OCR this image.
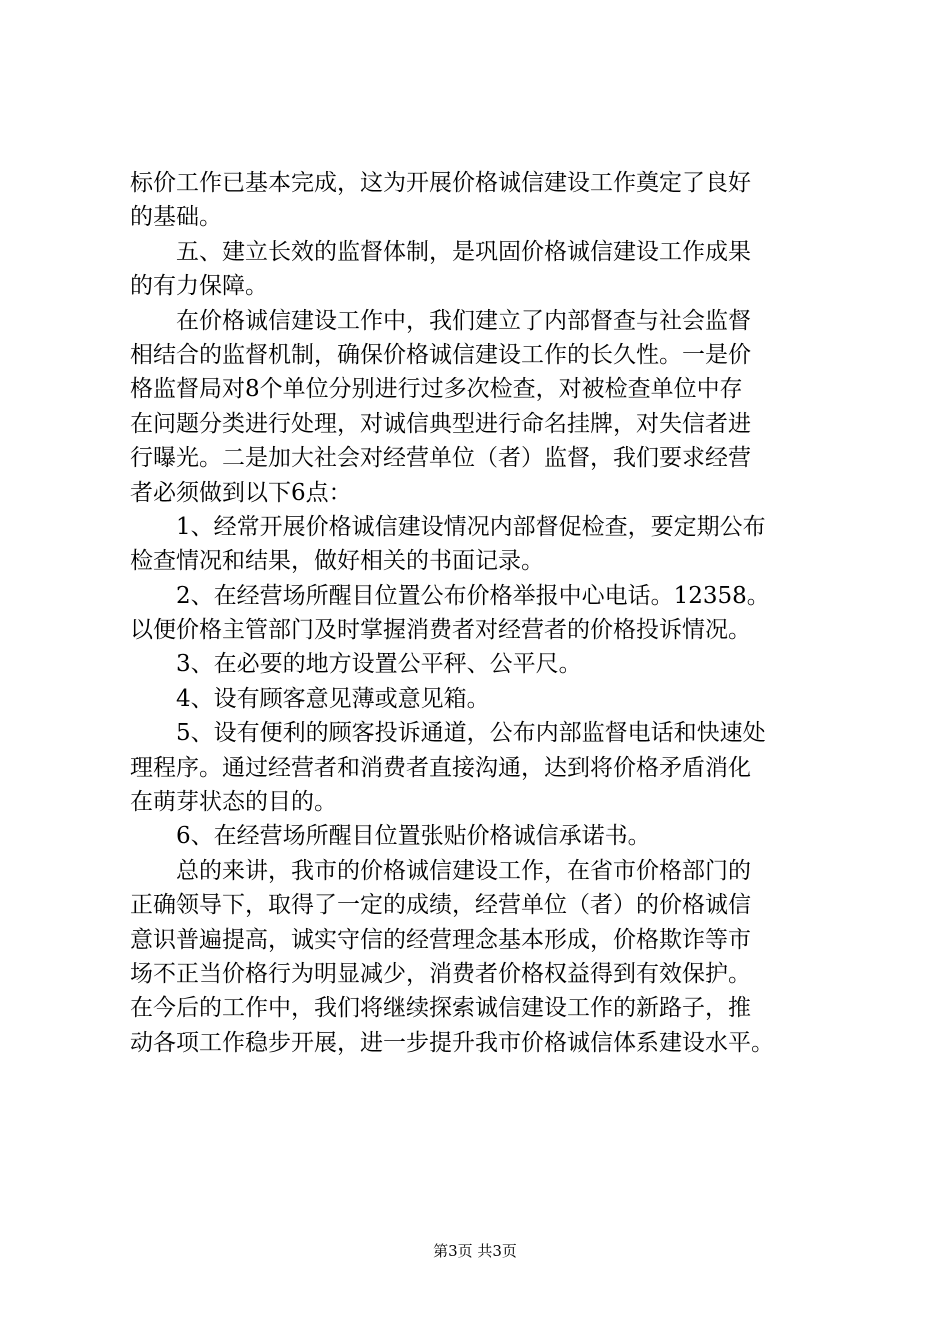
标价工作已基本完成，这为开展价格诚信建设工作奠定了良好
的基础。
五、建立长效的监督体制，是巩固价格诚信建设工作成果
的有力保障。
在价格诚信建设工作中，我们建立了内部督查与社会监督
相结合的监督机制，确保价格诚信建设工作的长久性。一是价
格监督局对8个单位分别进行过多次检查，对被检查单位中存
在问题分类进行处理，对诚信典型进行命名挂牌，对失信者进
行曝光。二是加大社会对经营单位（者）监督，我们要求经营
者必须做到以下6点：
1、经常开展价格诚信建设情况内部督促检查，要定期公布
检查情况和结果，做好相关的书面记录。
2、在经营场所醒目位置公布价格举报中心电话。12358。
以便价格主管部门及时掌握消费者对经营者的价格投诉情况。
3、在必要的地方设置公平秤、公平尺。
4、设有顾客意见薄或意见箱。
5、设有便利的顾客投诉通道，公布内部监督电话和快速处
理程序。通过经营者和消费者直接沟通，达到将价格矛盾消化
在萌芽状态的目的。
6、在经营场所醒目位置张贴价格诚信承诺书。
总的来讲，我市的价格诚信建设工作，在省市价格部门的
正确领导下，取得了一定的成绩，经营单位（者）的价格诚信
意识普遍提高，诚实守信的经营理念基本形成，价格欺诈等市
场不正当价格行为明显减少，消费者价格权益得到有效保护。
在今后的工作中，我们将继续探索诚信建设工作的新路子，推
动各项工作稳步开展，进一步提升我市价格诚信体系建设水平。
第3页 共3页
